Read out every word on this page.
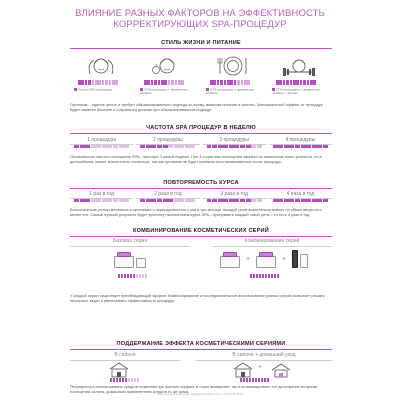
ВЛИЯНИЕ РАЗНЫХ ФАКТОРОВ НА ЭФФЕКТИВНОСТЬ
КОРРЕКТИРУЮЩИХ SPA-ПРОЦЕДУР
СТИЛЬ ЖИЗНИ И ПИТАНИЕ
Только СПА-процедуры	СПА-процедуры + правильное питание
СПА-процедуры + правильное питание
СПА-процедуры + правильное питание + фитнес
Организм – единое целое и требует сбалансированного подхода ко всему, включая питание и фитнес. Максимальный эффект от процедур будет заметен быстрее и сохранится дольше при сбалансированном подходе.
ЧАСТОТА SPA ПРОЦЕДУР В НЕДЕЛЮ
1 процедура	2 процедуры	3 процедуры	4 процедуры
Оптимальная частота посещения SPA – мастера 3 раза в неделю. При 4-х-кратном посещении эффект на начальном этапе усилится, но в дальнейшем, может значительно снизиться, так как организм не будет успевать восстанавливаться после процедур.
ПОВТОРЯЕМОСТЬ КУРСА
1 раз в год	2 раза в год	3 раза в год	4 раза в год
Биологические ритмы меняются в организме с периодичностью 1 раз в три месяца. Каждый ритм значительно влияет на обмен веществ и менее его. Самый лучший результат будет достигнут включением курса SPA – программ в каждый такой ритм – то есть 4 раза в год.
КОМБИНИРОВАНИЕ КОСМЕТИЧЕСКИХ СЕРИЙ
Базовая серия	Комбинирование серий
+	+
У каждой серии существует преобладающий эффект. Комбинирование и последовательное использование разных серий позволяет решать несколько задач и увеличивать эффективность процедур.
ПОДДЕРЖАНИЕ ЭФФЕКТА КОСМЕТИЧЕСКИМИ СЕРИЯМИ
В салоне	В салоне + домашний уход
+
Регулярность использования средств позволяет как усилить эффект в «зоне внимания» так и оптимизировать его достижение во время посещения салона, домашним применением средств то же дома.
www.thermaebora.ru e-mail: akgar@thermaebora.ru tel. +7 495 150-46-57
